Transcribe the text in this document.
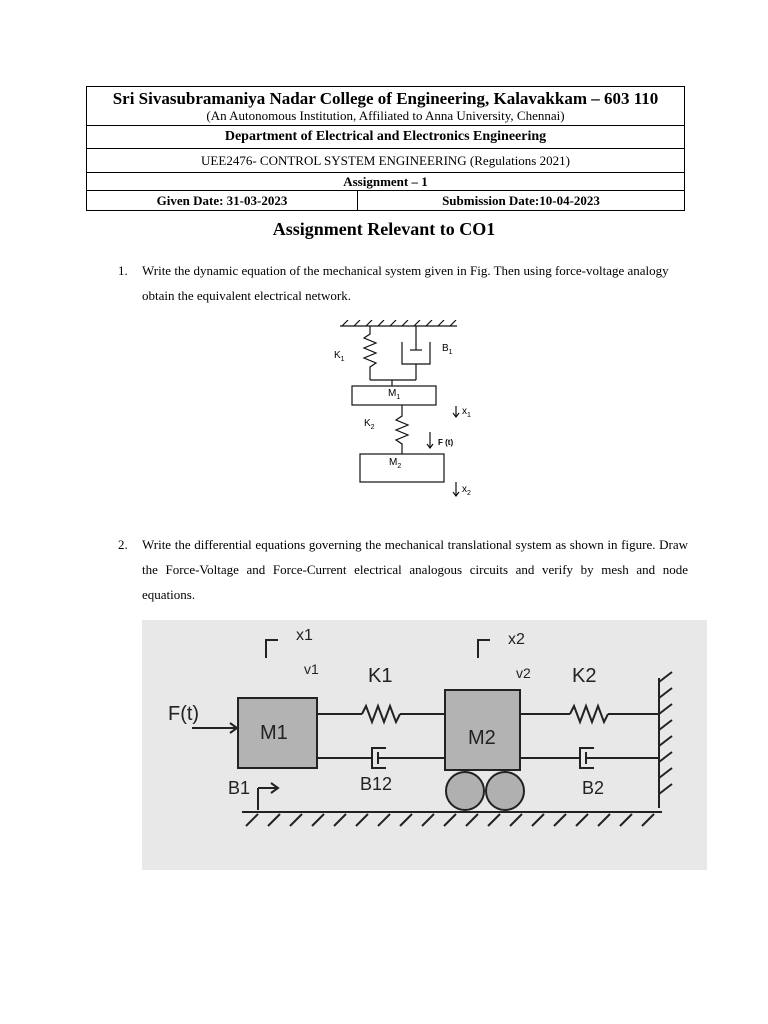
Sri Sivasubramaniya Nadar College of Engineering, Kalavakkam – 603 110
(An Autonomous Institution, Affiliated to Anna University, Chennai)
Department of Electrical and Electronics Engineering
UEE2476- CONTROL SYSTEM ENGINEERING (Regulations 2021)
Assignment – 1
Given Date: 31-03-2023	Submission Date:10-04-2023
Assignment Relevant to CO1
1. Write the dynamic equation of the mechanical system given in Fig. Then using force-voltage analogy obtain the equivalent electrical network.
$K_1$
$B_1$
$M_1$
$x_1$
$K_2$
F (t)
$M_2$
$x_2$
2. Write the differential equations governing the mechanical translational system as shown in figure. Draw the Force-Voltage and Force-Current electrical analogous circuits and verify by mesh and node equations.
x1
v1
x2
v2
K1	K2
F(t)
M1	M2
B1	B12	B2
